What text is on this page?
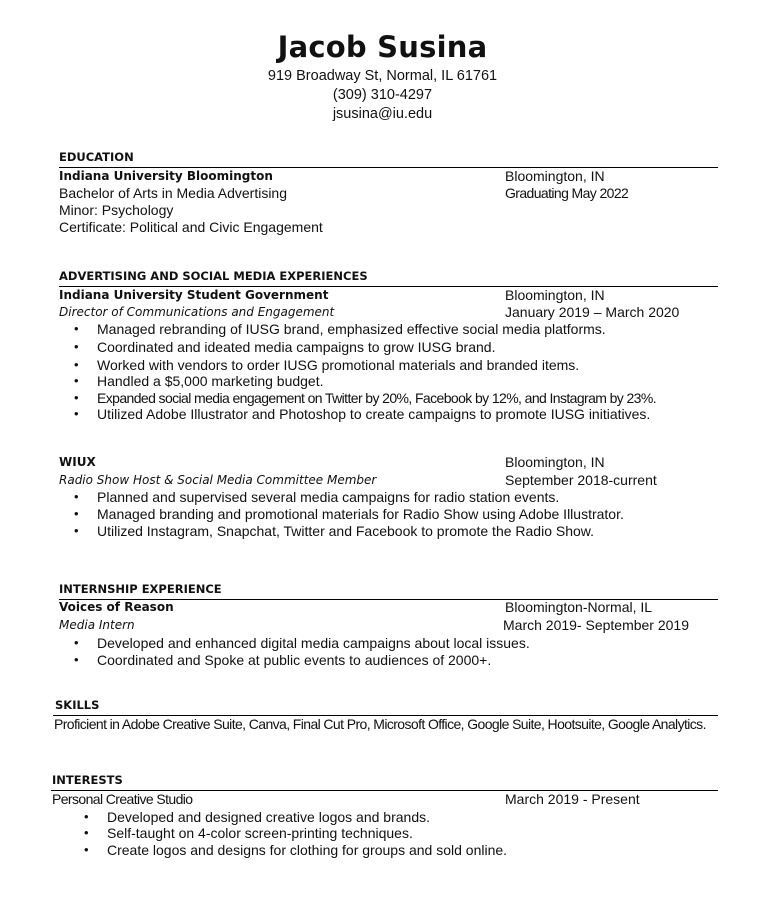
Jacob Susina
919 Broadway St, Normal, IL 61761
(309) 310-4297
jsusina@iu.edu
EDUCATION
Indiana University Bloomington	Bloomington, IN
Bachelor of Arts in Media Advertising	Graduating May 2022
Minor: Psychology
Certificate: Political and Civic Engagement
ADVERTISING AND SOCIAL MEDIA EXPERIENCES
Indiana University Student Government	Bloomington, IN
Director of Communications and Engagement	January 2019 – March 2020
• Managed rebranding of IUSG brand, emphasized effective social media platforms.
• Coordinated and ideated media campaigns to grow IUSG brand.
• Worked with vendors to order IUSG promotional materials and branded items.
• Handled a $5,000 marketing budget.
• Expanded social media engagement on Twitter by 20%, Facebook by 12%, and Instagram by 23%.
• Utilized Adobe Illustrator and Photoshop to create campaigns to promote IUSG initiatives.
WIUX	Bloomington, IN
Radio Show Host & Social Media Committee Member	September 2018-current
• Planned and supervised several media campaigns for radio station events.
• Managed branding and promotional materials for Radio Show using Adobe Illustrator.
• Utilized Instagram, Snapchat, Twitter and Facebook to promote the Radio Show.
INTERNSHIP EXPERIENCE
Voices of Reason	Bloomington-Normal, IL
Media Intern	March 2019- September 2019
• Developed and enhanced digital media campaigns about local issues.
• Coordinated and Spoke at public events to audiences of 2000+.
SKILLS
Proficient in Adobe Creative Suite, Canva, Final Cut Pro, Microsoft Office, Google Suite, Hootsuite, Google Analytics.
INTERESTS
Personal Creative Studio	March 2019 - Present
• Developed and designed creative logos and brands.
• Self-taught on 4-color screen-printing techniques.
• Create logos and designs for clothing for groups and sold online.
